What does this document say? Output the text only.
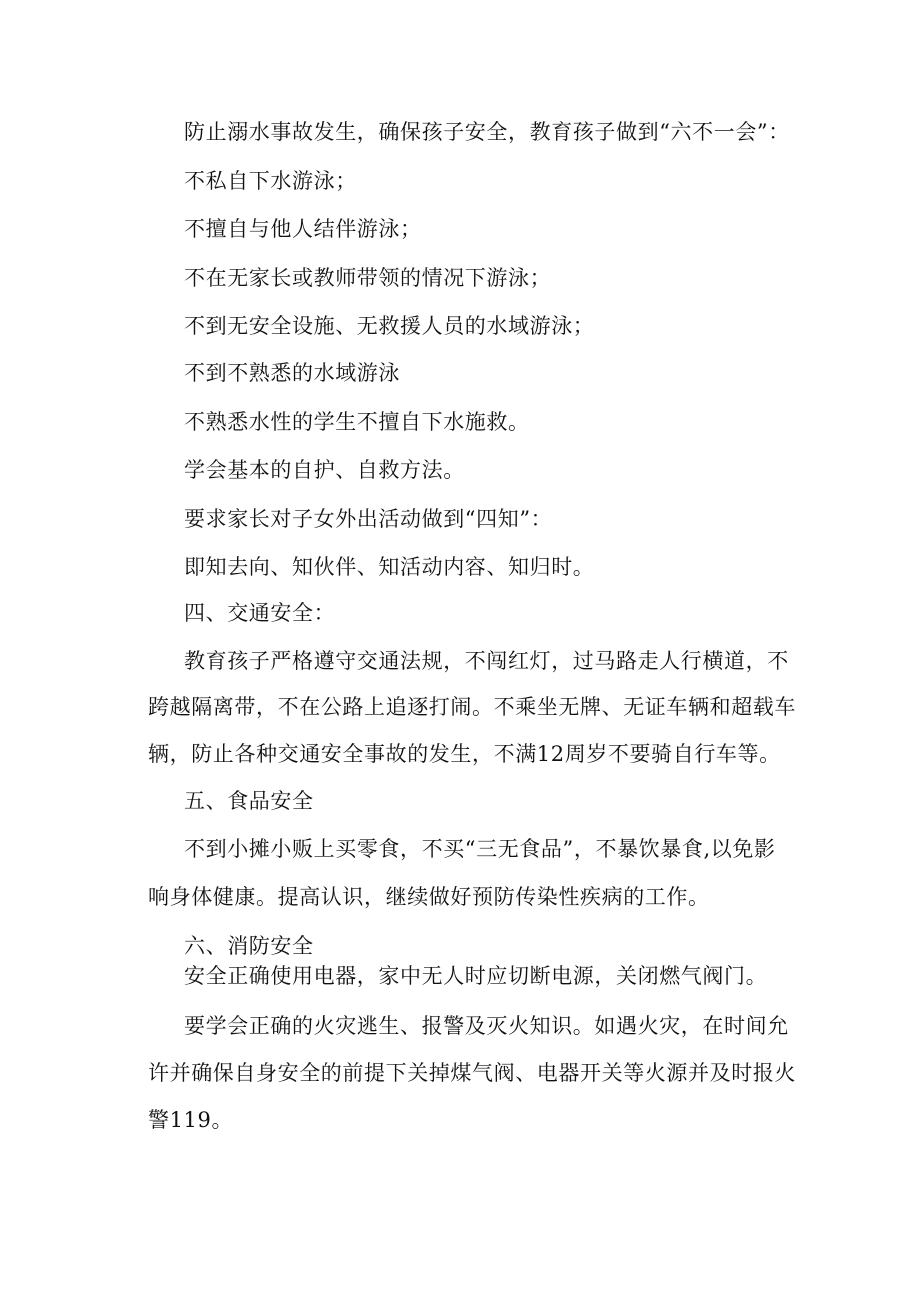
防止溺水事故发生，确保孩子安全，教育孩子做到“六不一会”：
不私自下水游泳；
不擅自与他人结伴游泳；
不在无家长或教师带领的情况下游泳；
不到无安全设施、无救援人员的水域游泳；
不到不熟悉的水域游泳
不熟悉水性的学生不擅自下水施救。
学会基本的自护、自救方法。
要求家长对子女外出活动做到“四知”：
即知去向、知伙伴、知活动内容、知归时。
四、交通安全：
教育孩子严格遵守交通法规，不闯红灯，过马路走人行横道，不
跨越隔离带，不在公路上追逐打闹。不乘坐无牌、无证车辆和超载车
辆，防止各种交通安全事故的发生，不满12周岁不要骑自行车等。
五、食品安全
不到小摊小贩上买零食，不买“三无食品”，不暴饮暴食,以免影
响身体健康。提高认识，继续做好预防传染性疾病的工作。
六、消防安全
安全正确使用电器，家中无人时应切断电源，关闭燃气阀门。
要学会正确的火灾逃生、报警及灭火知识。如遇火灾，在时间允
许并确保自身安全的前提下关掉煤气阀、电器开关等火源并及时报火
警119。
